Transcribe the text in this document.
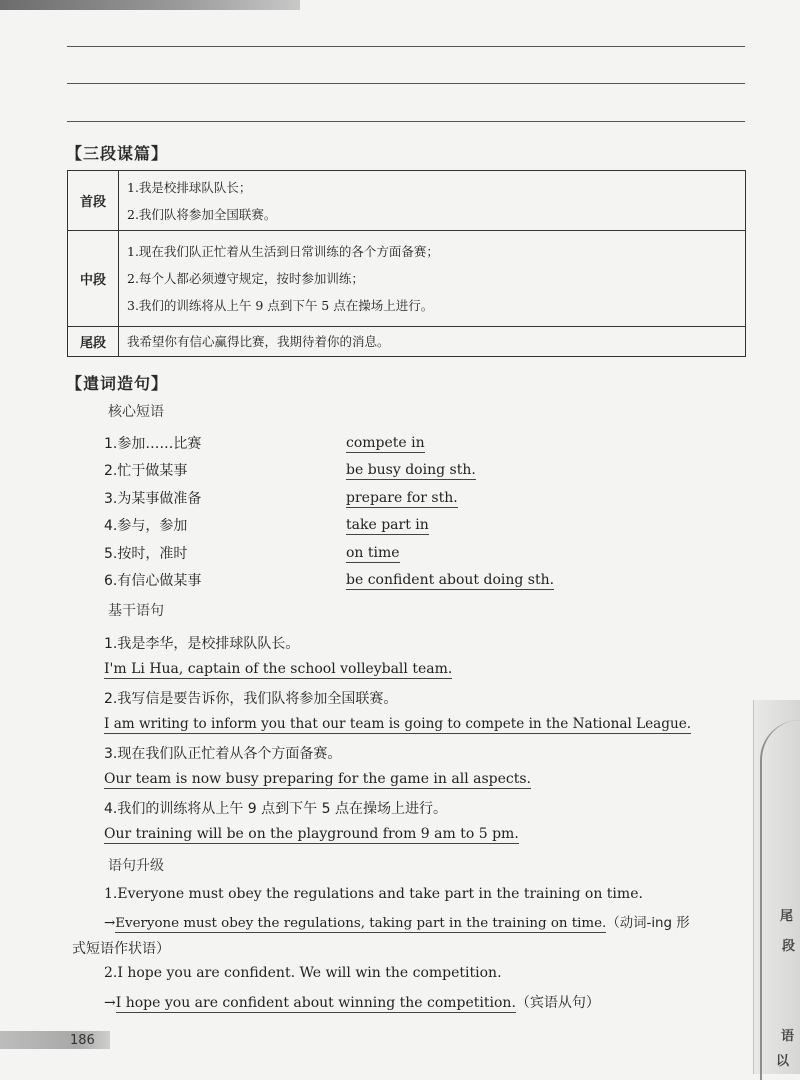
【三段谋篇】
首段	1.我是校排球队队长；
2.我们队将参加全国联赛。

中段	1.现在我们队正忙着从生活到日常训练的各个方面备赛；
2.每个人都必须遵守规定，按时参加训练；
3.我们的训练将从上午 9 点到下午 5 点在操场上进行。

尾段	我希望你有信心赢得比赛，我期待着你的消息。
【遣词造句】
核心短语
1.参加……比赛	compete in
2.忙于做某事	be busy doing sth.
3.为某事做准备	prepare for sth.
4.参与，参加	take part in
5.按时，准时	on time
6.有信心做某事	be confident about doing sth.
基干语句
1.我是李华，是校排球队队长。
I'm Li Hua, captain of the school volleyball team.
2.我写信是要告诉你，我们队将参加全国联赛。
I am writing to inform you that our team is going to compete in the National League.
3.现在我们队正忙着从各个方面备赛。
Our team is now busy preparing for the game in all aspects.
4.我们的训练将从上午 9 点到下午 5 点在操场上进行。
Our training will be on the playground from 9 am to 5 pm.
语句升级
1.Everyone must obey the regulations and take part in the training on time.
→Everyone must obey the regulations, taking part in the training on time.（动词-ing 形
式短语作状语）
2.I hope you are confident. We will win the competition.
→I hope you are confident about winning the competition.（宾语从句）
186
尾
段
语
以
